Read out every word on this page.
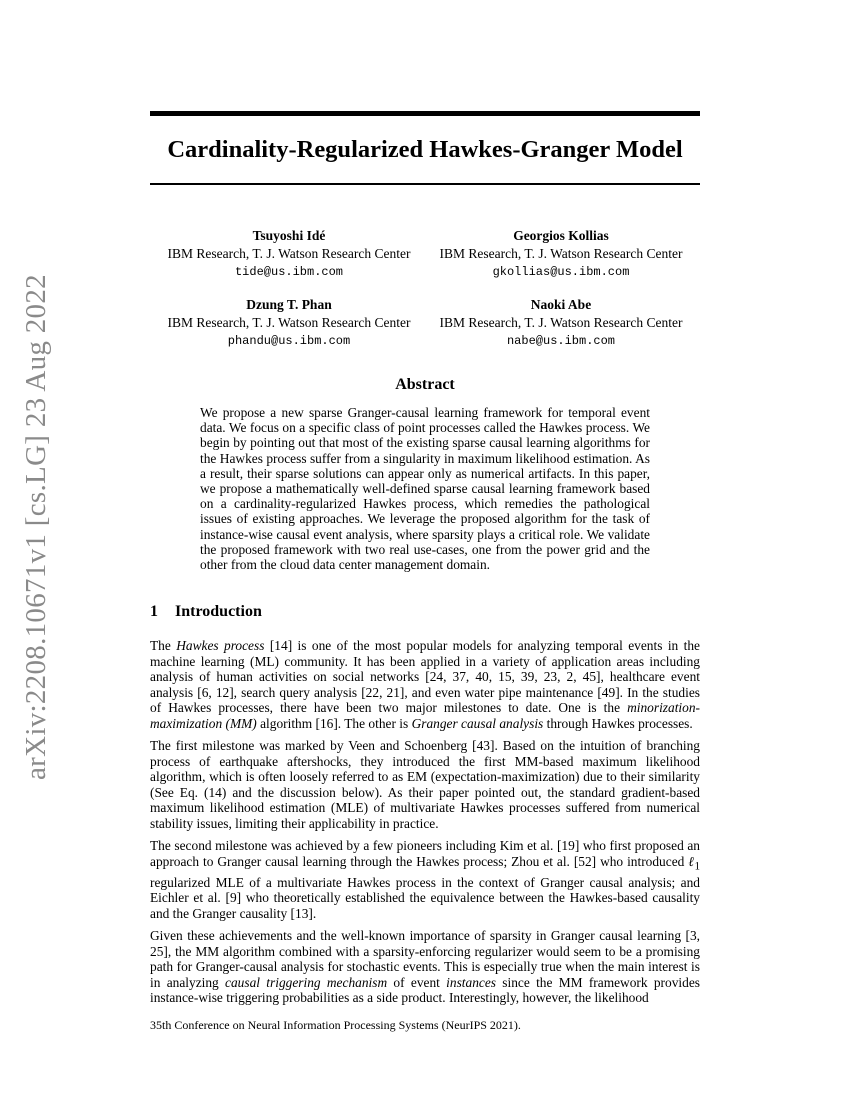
arXiv:2208.10671v1 [cs.LG] 23 Aug 2022
Cardinality-Regularized Hawkes-Granger Model
Tsuyoshi Idé
IBM Research, T. J. Watson Research Center
tide@us.ibm.com
Georgios Kollias
IBM Research, T. J. Watson Research Center
gkollias@us.ibm.com
Dzung T. Phan
IBM Research, T. J. Watson Research Center
phandu@us.ibm.com
Naoki Abe
IBM Research, T. J. Watson Research Center
nabe@us.ibm.com
Abstract
We propose a new sparse Granger-causal learning framework for temporal event data. We focus on a specific class of point processes called the Hawkes process. We begin by pointing out that most of the existing sparse causal learning algorithms for the Hawkes process suffer from a singularity in maximum likelihood estimation. As a result, their sparse solutions can appear only as numerical artifacts. In this paper, we propose a mathematically well-defined sparse causal learning framework based on a cardinality-regularized Hawkes process, which remedies the pathological issues of existing approaches. We leverage the proposed algorithm for the task of instance-wise causal event analysis, where sparsity plays a critical role. We validate the proposed framework with two real use-cases, one from the power grid and the other from the cloud data center management domain.
1 Introduction

The Hawkes process [14] is one of the most popular models for analyzing temporal events in the machine learning (ML) community. It has been applied in a variety of application areas including analysis of human activities on social networks [24, 37, 40, 15, 39, 23, 2, 45], healthcare event analysis [6, 12], search query analysis [22, 21], and even water pipe maintenance [49]. In the studies of Hawkes processes, there have been two major milestones to date. One is the minorization-maximization (MM) algorithm [16]. The other is Granger causal analysis through Hawkes processes.

The first milestone was marked by Veen and Schoenberg [43]. Based on the intuition of branching process of earthquake aftershocks, they introduced the first MM-based maximum likelihood algorithm, which is often loosely referred to as EM (expectation-maximization) due to their similarity (See Eq. (14) and the discussion below). As their paper pointed out, the standard gradient-based maximum likelihood estimation (MLE) of multivariate Hawkes processes suffered from numerical stability issues, limiting their applicability in practice.

The second milestone was achieved by a few pioneers including Kim et al. [19] who first proposed an approach to Granger causal learning through the Hawkes process; Zhou et al. [52] who introduced ℓ$_1$ regularized MLE of a multivariate Hawkes process in the context of Granger causal analysis; and Eichler et al. [9] who theoretically established the equivalence between the Hawkes-based causality and the Granger causality [13].

Given these achievements and the well-known importance of sparsity in Granger causal learning [3, 25], the MM algorithm combined with a sparsity-enforcing regularizer would seem to be a promising path for Granger-causal analysis for stochastic events. This is especially true when the main interest is in analyzing causal triggering mechanism of event instances since the MM framework provides instance-wise triggering probabilities as a side product. Interestingly, however, the likelihood

35th Conference on Neural Information Processing Systems (NeurIPS 2021).
